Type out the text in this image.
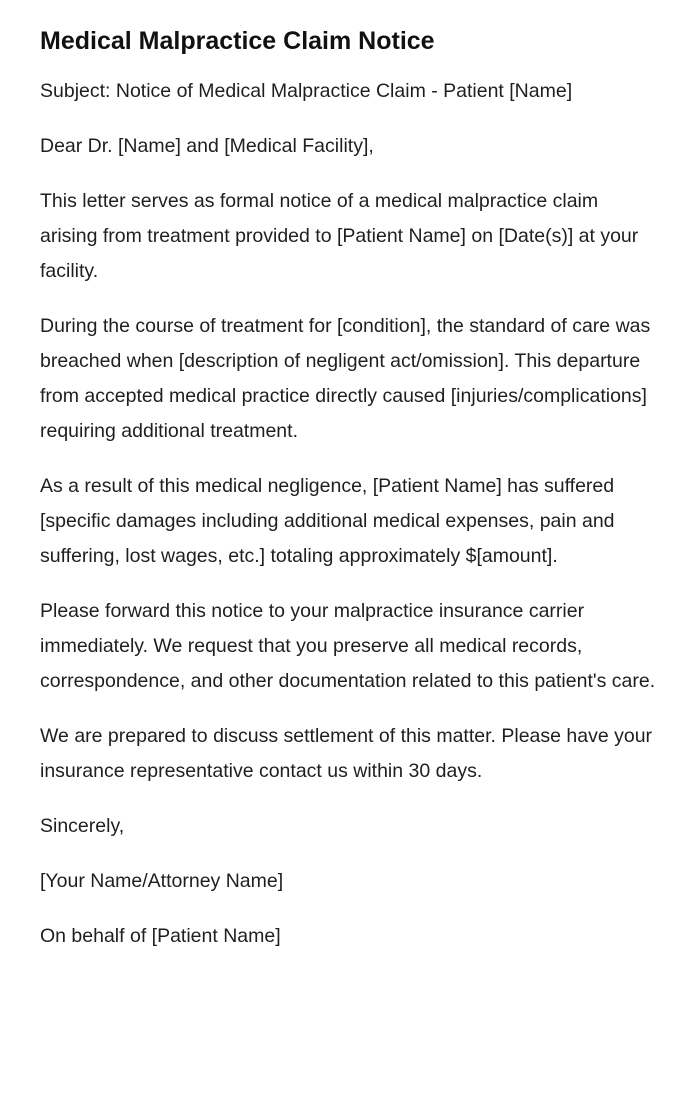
Medical Malpractice Claim Notice

Subject: Notice of Medical Malpractice Claim - Patient [Name]

Dear Dr. [Name] and [Medical Facility],

This letter serves as formal notice of a medical malpractice claim arising from treatment provided to [Patient Name] on [Date(s)] at your facility.

During the course of treatment for [condition], the standard of care was breached when [description of negligent act/omission]. This departure from accepted medical practice directly caused [injuries/complications] requiring additional treatment.

As a result of this medical negligence, [Patient Name] has suffered [specific damages including additional medical expenses, pain and suffering, lost wages, etc.] totaling approximately $[amount].

Please forward this notice to your malpractice insurance carrier immediately. We request that you preserve all medical records, correspondence, and other documentation related to this patient's care.

We are prepared to discuss settlement of this matter. Please have your insurance representative contact us within 30 days.

Sincerely,

[Your Name/Attorney Name]

On behalf of [Patient Name]
